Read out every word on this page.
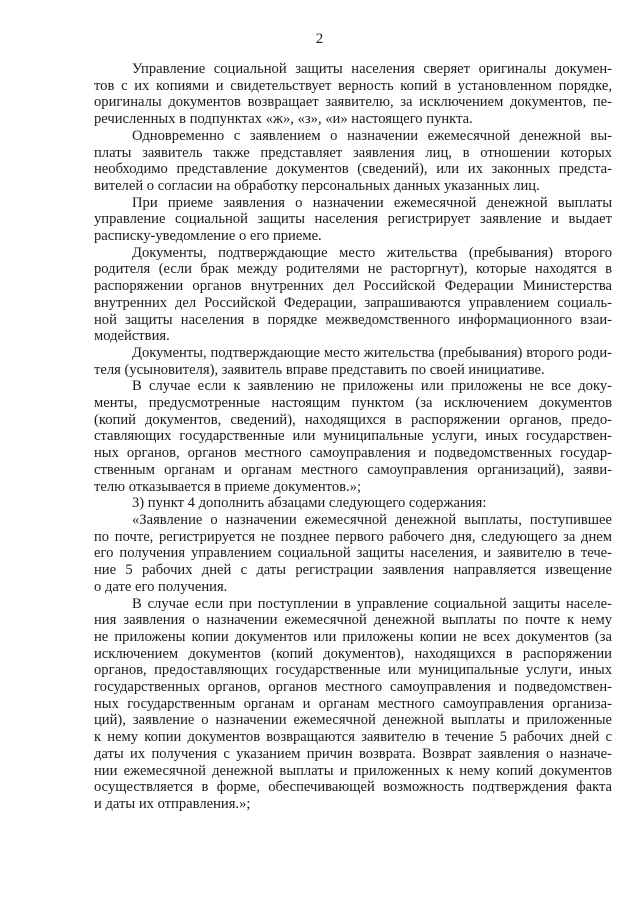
2
Управление социальной защиты населения сверяет оригиналы докумен-
тов с их копиями и свидетельствует верность копий в установленном порядке,
оригиналы документов возвращает заявителю, за исключением документов, пе-
речисленных в подпунктах «ж», «з», «и» настоящего пункта.
Одновременно с заявлением о назначении ежемесячной денежной вы-
платы заявитель также представляет заявления лиц, в отношении которых
необходимо представление документов (сведений), или их законных предста-
вителей о согласии на обработку персональных данных указанных лиц.
При приеме заявления о назначении ежемесячной денежной выплаты
управление социальной защиты населения регистрирует заявление и выдает
расписку-уведомление о его приеме.
Документы, подтверждающие место жительства (пребывания) второго
родителя (если брак между родителями не расторгнут), которые находятся в
распоряжении органов внутренних дел Российской Федерации Министерства
внутренних дел Российской Федерации, запрашиваются управлением социаль-
ной защиты населения в порядке межведомственного информационного взаи-
модействия.
Документы, подтверждающие место жительства (пребывания) второго роди-
теля (усыновителя), заявитель вправе представить по своей инициативе.
В случае если к заявлению не приложены или приложены не все доку-
менты, предусмотренные настоящим пунктом (за исключением документов
(копий документов, сведений), находящихся в распоряжении органов, предо-
ставляющих государственные или муниципальные услуги, иных государствен-
ных органов, органов местного самоуправления и подведомственных государ-
ственным органам и органам местного самоуправления организаций), заяви-
телю отказывается в приеме документов.»;
3) пункт 4 дополнить абзацами следующего содержания:
«Заявление о назначении ежемесячной денежной выплаты, поступившее
по почте, регистрируется не позднее первого рабочего дня, следующего за днем
его получения управлением социальной защиты населения, и заявителю в тече-
ние 5 рабочих дней с даты регистрации заявления направляется извещение
о дате его получения.
В случае если при поступлении в управление социальной защиты населе-
ния заявления о назначении ежемесячной денежной выплаты по почте к нему
не приложены копии документов или приложены копии не всех документов (за
исключением документов (копий документов), находящихся в распоряжении
органов, предоставляющих государственные или муниципальные услуги, иных
государственных органов, органов местного самоуправления и подведомствен-
ных государственным органам и органам местного самоуправления организа-
ций), заявление о назначении ежемесячной денежной выплаты и приложенные
к нему копии документов возвращаются заявителю в течение 5 рабочих дней с
даты их получения с указанием причин возврата. Возврат заявления о назначе-
нии ежемесячной денежной выплаты и приложенных к нему копий документов
осуществляется в форме, обеспечивающей возможность подтверждения факта
и даты их отправления.»;
